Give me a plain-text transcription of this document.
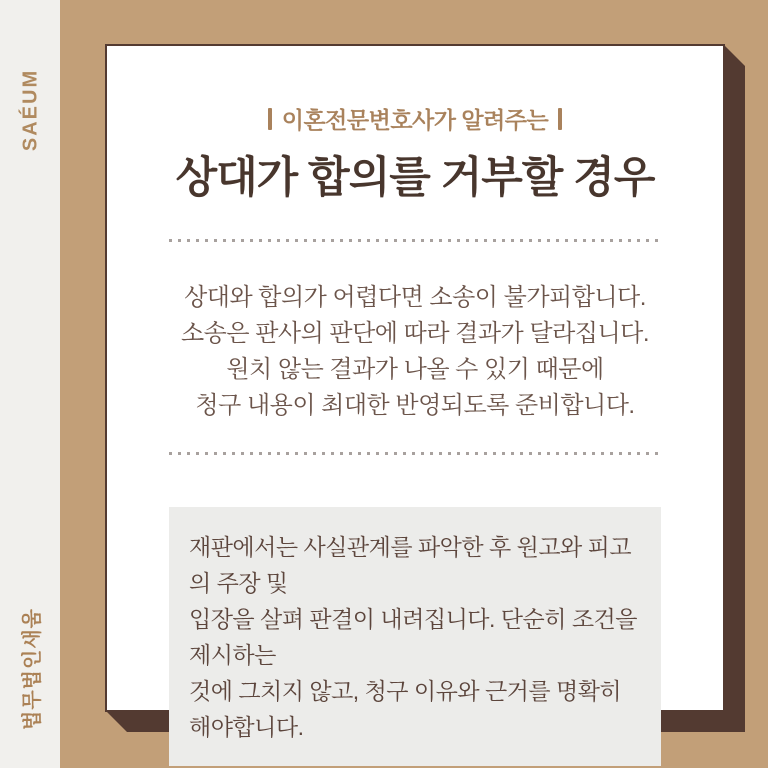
SAÉUM
법무법인새움
이혼전문변호사가 알려주는
상대가 합의를 거부할 경우
상대와 합의가 어렵다면 소송이 불가피합니다.
소송은 판사의 판단에 따라 결과가 달라집니다.
원치 않는 결과가 나올 수 있기 때문에
청구 내용이 최대한 반영되도록 준비합니다.
재판에서는 사실관계를 파악한 후 원고와 피고의 주장 및
입장을 살펴 판결이 내려집니다. 단순히 조건을 제시하는
것에 그치지 않고, 청구 이유와 근거를 명확히 해야합니다.
